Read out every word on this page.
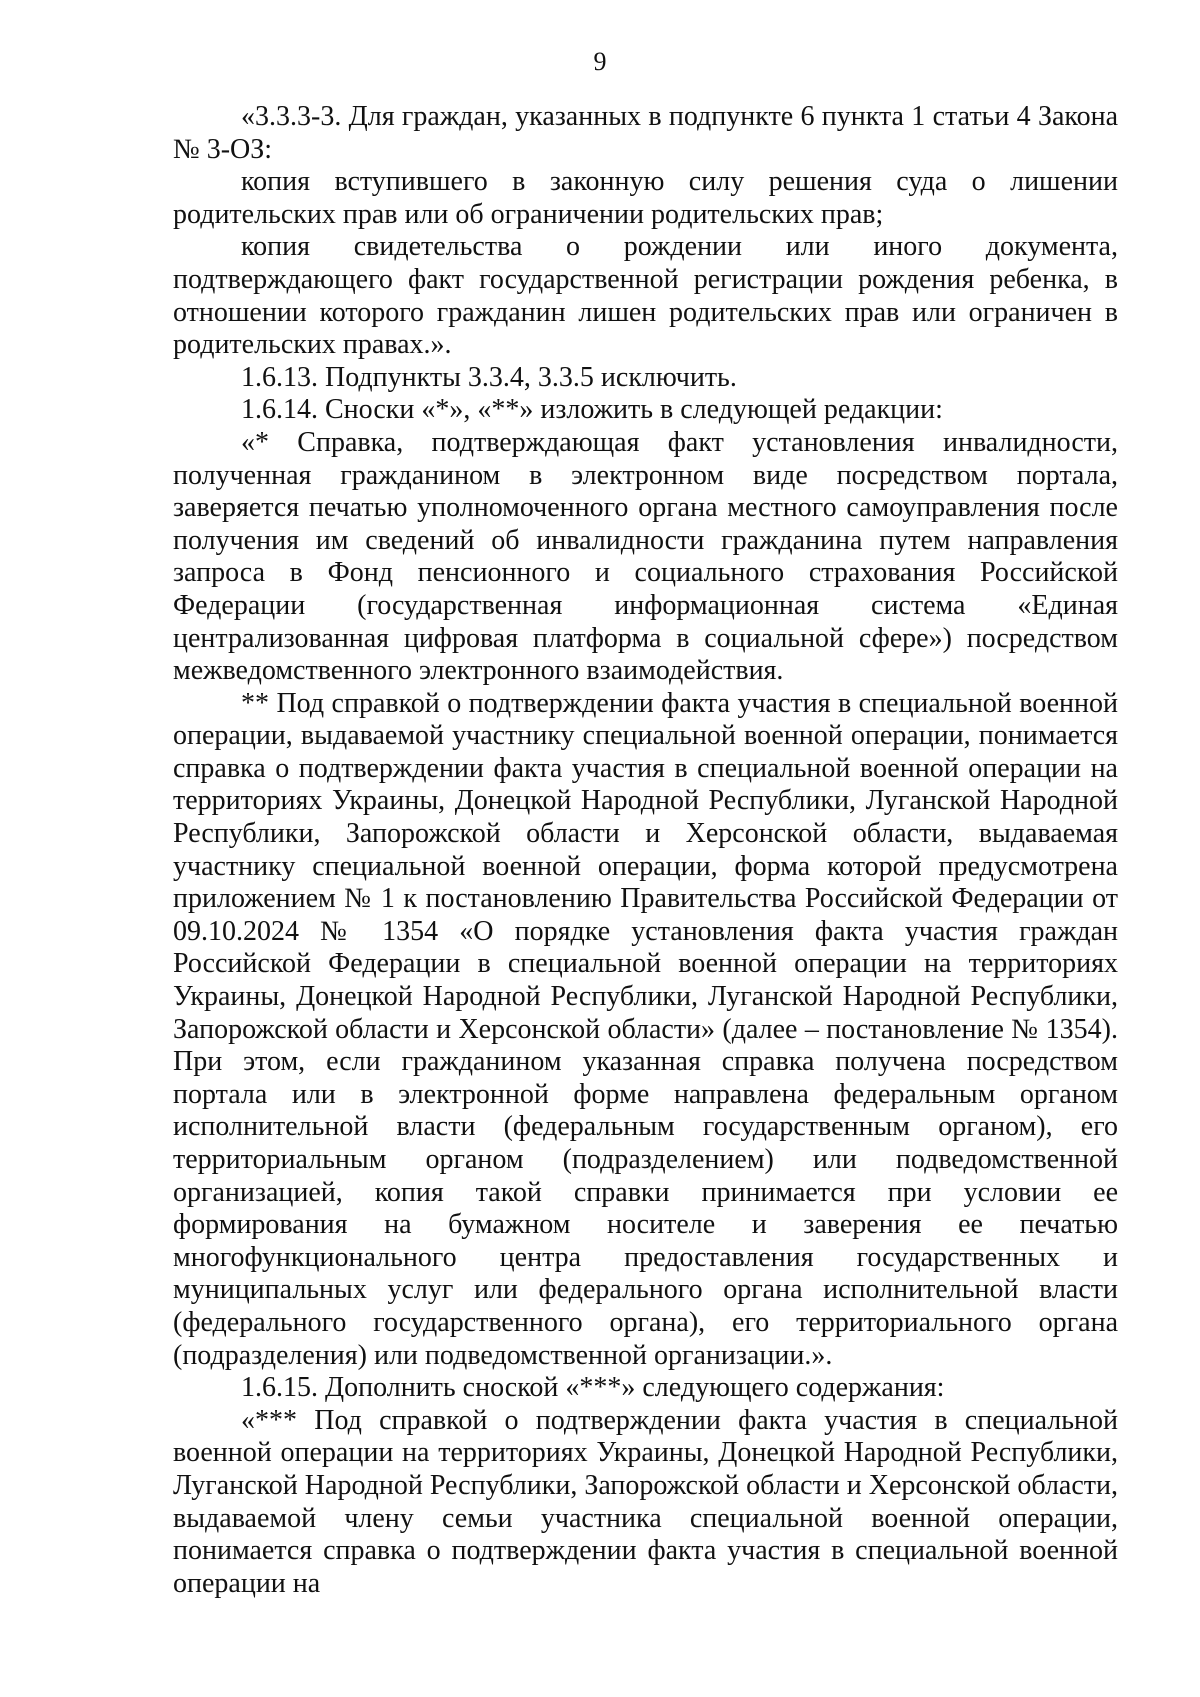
9

«3.3.3-3. Для граждан, указанных в подпункте 6 пункта 1 статьи 4 Закона № 3-ОЗ:

копия вступившего в законную силу решения суда о лишении родительских прав или об ограничении родительских прав;

копия свидетельства о рождении или иного документа, подтверждающего факт государственной регистрации рождения ребенка, в отношении которого гражданин лишен родительских прав или ограничен в родительских правах.».

1.6.13. Подпункты 3.3.4, 3.3.5 исключить.

1.6.14. Сноски «*», «**» изложить в следующей редакции:

«* Справка, подтверждающая факт установления инвалидности, полученная гражданином в электронном виде посредством портала, заверяется печатью уполномоченного органа местного самоуправления после получения им сведений об инвалидности гражданина путем направления запроса в Фонд пенсионного и социального страхования Российской Федерации (государственная информационная система «Единая централизованная цифровая платформа в социальной сфере») посредством межведомственного электронного взаимодействия.

** Под справкой о подтверждении факта участия в специальной военной операции, выдаваемой участнику специальной военной операции, понимается справка о подтверждении факта участия в специальной военной операции на территориях Украины, Донецкой Народной Республики, Луганской Народной Республики, Запорожской области и Херсонской области, выдаваемая участнику специальной военной операции, форма которой предусмотрена приложением № 1 к постановлению Правительства Российской Федерации от 09.10.2024 № 1354 «О порядке установления факта участия граждан Российской Федерации в специальной военной операции на территориях Украины, Донецкой Народной Республики, Луганской Народной Республики, Запорожской области и Херсонской области» (далее – постановление № 1354). При этом, если гражданином указанная справка получена посредством портала или в электронной форме направлена федеральным органом исполнительной власти (федеральным государственным органом), его территориальным органом (подразделением) или подведомственной организацией, копия такой справки принимается при условии ее формирования на бумажном носителе и заверения ее печатью многофункционального центра предоставления государственных и муниципальных услуг или федерального органа исполнительной власти (федерального государственного органа), его территориального органа (подразделения) или подведомственной организации.».

1.6.15. Дополнить сноской «***» следующего содержания:

«*** Под справкой о подтверждении факта участия в специальной военной операции на территориях Украины, Донецкой Народной Республики, Луганской Народной Республики, Запорожской области и Херсонской области, выдаваемой члену семьи участника специальной военной операции, понимается справка о подтверждении факта участия в специальной военной операции на
